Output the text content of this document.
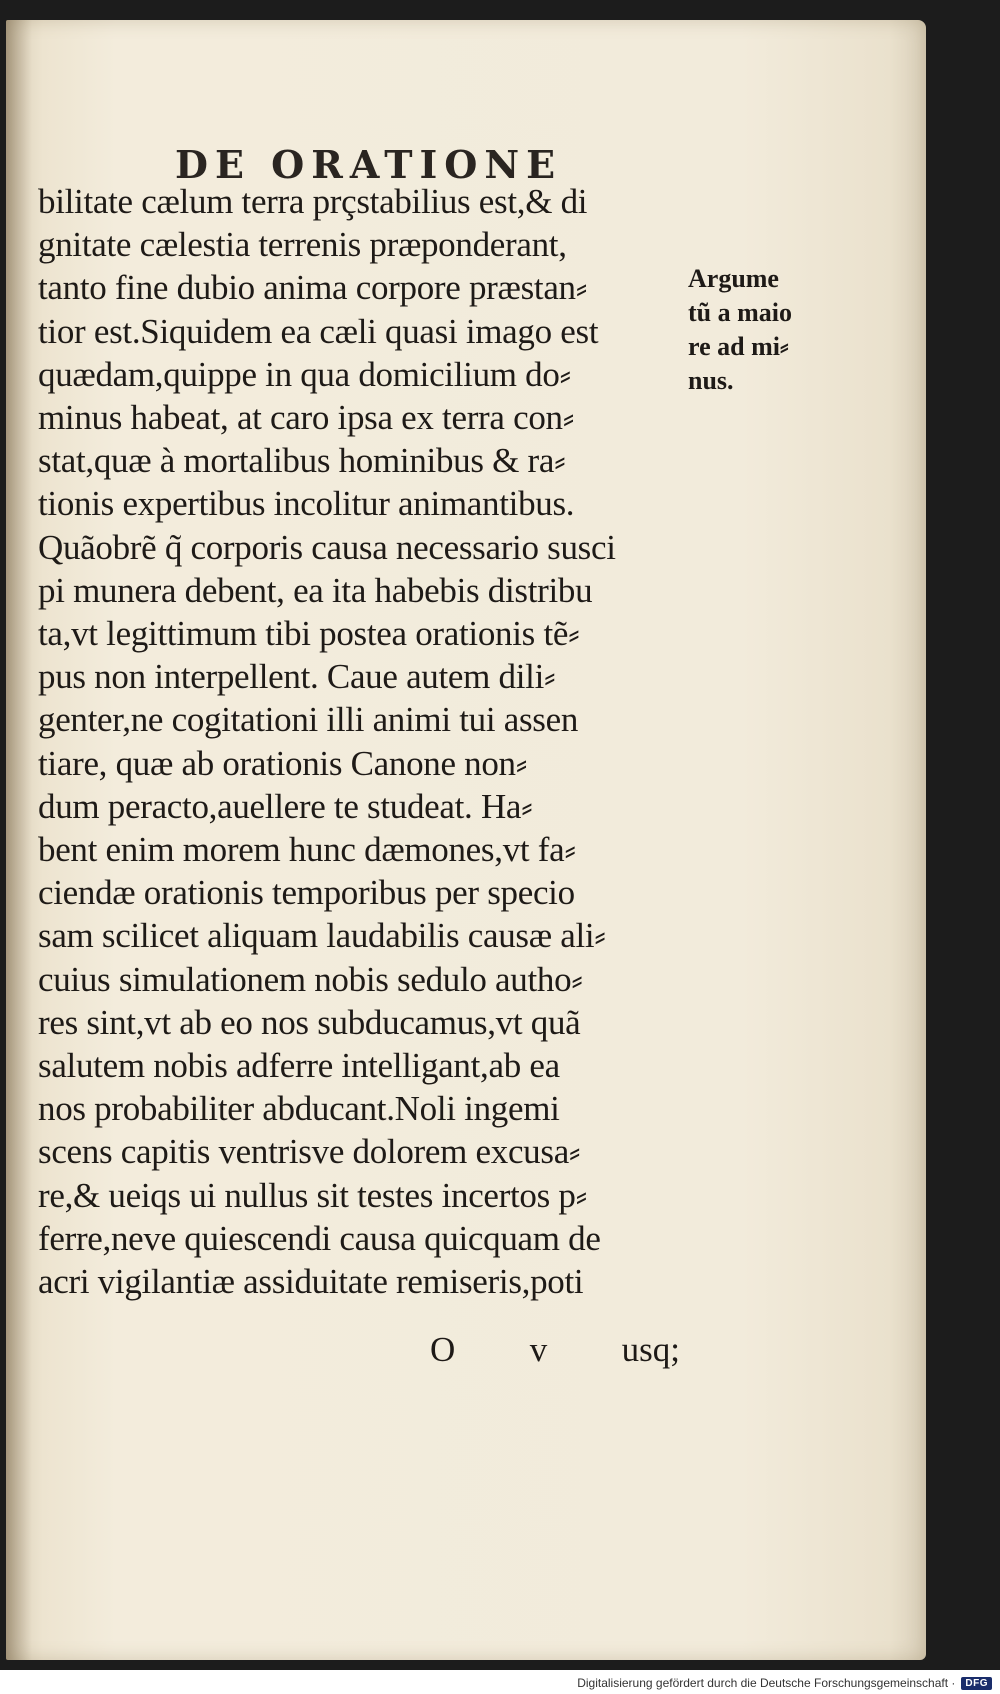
DE ORATIONE
bilitate cælum terra prçstabilius est,& di
gnitate cælestia terrenis præponderant,
tanto fine dubio anima corpore præstan⸗
tior est.Siquidem ea cæli quasi imago est
quædam,quippe in qua domicilium do⸗
minus habeat, at caro ipsa ex terra con⸗
stat,quæ à mortalibus hominibus & ra⸗
tionis expertibus incolitur animantibus.
Quãobrẽ q̃ corporis causa necessario susci
pi munera debent, ea ita habebis distribu
ta,vt legittimum tibi postea orationis tẽ⸗
pus non interpellent. Caue autem dili⸗
genter,ne cogitationi illi animi tui assen
tiare, quæ ab orationis Canone non⸗
dum peracto,auellere te studeat. Ha⸗
bent enim morem hunc dæmones,vt fa⸗
ciendæ orationis temporibus per specio
sam scilicet aliquam laudabilis causæ ali⸗
cuius simulationem nobis sedulo autho⸗
res sint,vt ab eo nos subducamus,vt quã
salutem nobis adferre intelligant,ab ea
nos probabiliter abducant.Noli ingemi
scens capitis ventrisve dolorem excusa⸗
re,& ueiqs ui nullus sit testes incertos p⸗
ferre,neve quiescendi causa quicquam de
acri vigilantiæ assiduitate remiseris,poti
O v usq;
Argume
tũ a maio
re ad mi⸗
nus.
Digitalisierung gefördert durch die Deutsche Forschungsgemeinschaft ·	DFG
